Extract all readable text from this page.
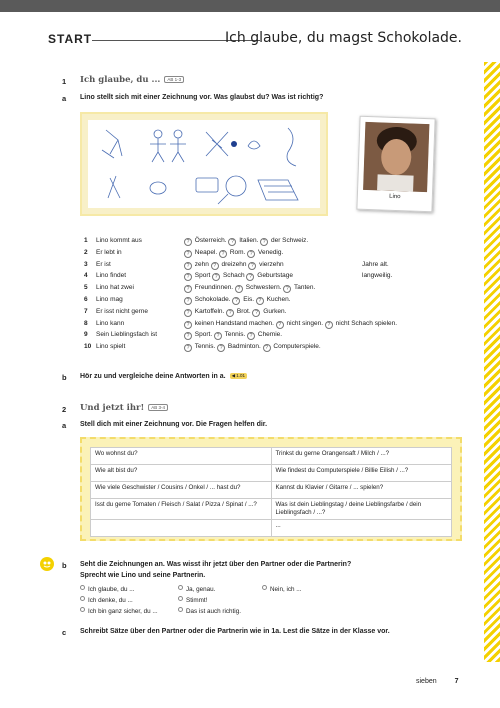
START	Ich glaube, du magst Schokolade.
1 Ich glaube, du ... AB 1-3
a Lino stellt sich mit einer Zeichnung vor. Was glaubst du? Was ist richtig?
Lino
1 Lino kommt aus	? Österreich. ? Italien. ? der Schweiz.
2 Er lebt in	? Neapel. ? Rom. ? Venedig.
3 Er ist	? zehn ? dreizehn ? vierzehn	Jahre alt.
4 Lino findet	? Sport ? Schach ? Geburtstage	langweilig.
5 Lino hat zwei	? Freundinnen. ? Schwestern. ? Tanten.
6 Lino mag	? Schokolade. ? Eis. ? Kuchen.
7 Er isst nicht gerne	? Kartoffeln. ? Brot. ? Gurken.
8 Lino kann	? keinen Handstand machen. ? nicht singen. ? nicht Schach spielen.
9 Sein Lieblingsfach ist	? Sport. ? Tennis. ? Chemie.
10 Lino spielt	? Tennis. ? Badminton. ? Computerspiele.
b Hör zu und vergleiche deine Antworten in a. ◀ 1.01
2 Und jetzt ihr! AB 3-4
a Stell dich mit einer Zeichnung vor. Die Fragen helfen dir.
Wo wohnst du?	Trinkst du gerne Orangensaft / Milch / ...?
Wie alt bist du?	Wie findest du Computerspiele / Billie Eilish / ...?
Wie viele Geschwister / Cousins / Onkel / ... hast du?	Kannst du Klavier / Gitarre / ... spielen?
Isst du gerne Tomaten / Fleisch / Salat / Pizza / Spinat / ...?	Was ist dein Lieblingstag / deine Lieblingsfarbe / dein Lieblingsfach / ...?
	...
b Seht die Zeichnungen an. Was wisst ihr jetzt über den Partner oder die Partnerin?
Sprecht wie Lino und seine Partnerin.
Ich glaube, du ...
Ich denke, du ...
Ich bin ganz sicher, du ...
Ja, genau.
Stimmt!
Das ist auch richtig.
Nein, ich ...
c Schreibt Sätze über den Partner oder die Partnerin wie in 1a. Lest die Sätze in der Klasse vor.
sieben	7
